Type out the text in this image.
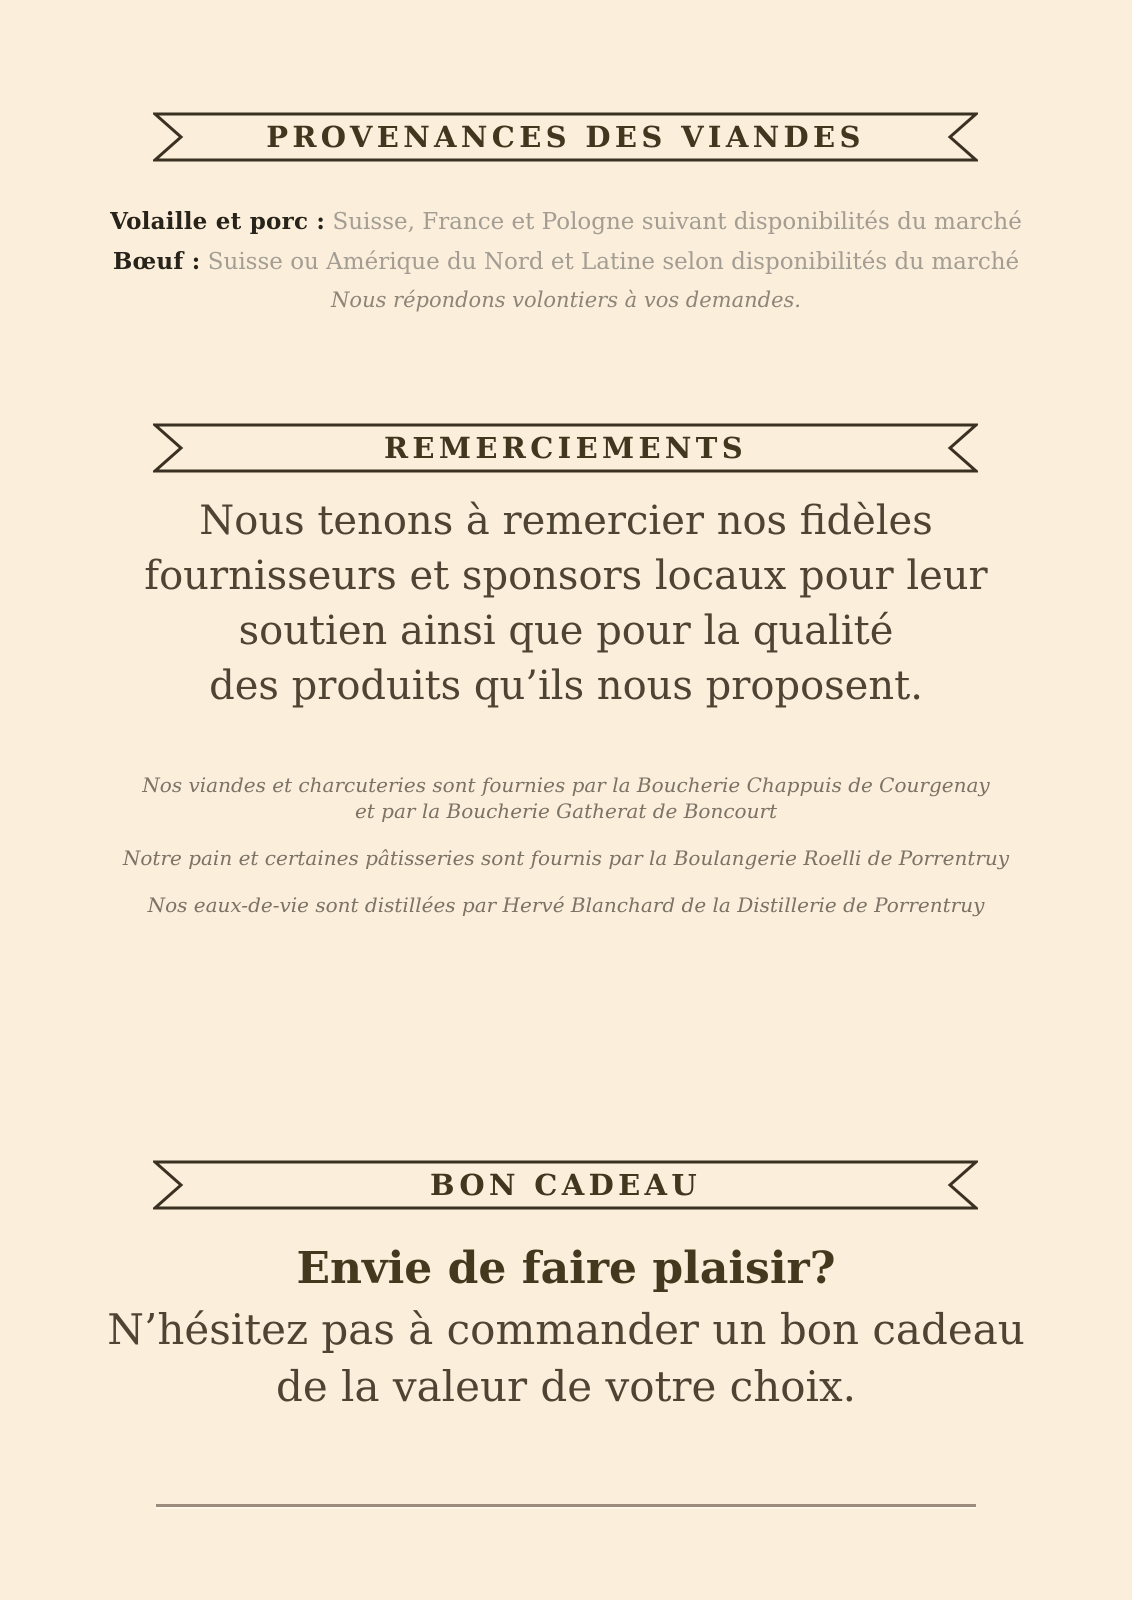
PROVENANCES DES VIANDES
Volaille et porc : Suisse, France et Pologne suivant disponibilités du marché
Bœuf : Suisse ou Amérique du Nord et Latine selon disponibilités du marché
Nous répondons volontiers à vos demandes.
REMERCIEMENTS
Nous tenons à remercier nos fidèles
fournisseurs et sponsors locaux pour leur
soutien ainsi que pour la qualité
des produits qu’ils nous proposent.
Nos viandes et charcuteries sont fournies par la Boucherie Chappuis de Courgenay
et par la Boucherie Gatherat de Boncourt
Notre pain et certaines pâtisseries sont fournis par la Boulangerie Roelli de Porrentruy
Nos eaux-de-vie sont distillées par Hervé Blanchard de la Distillerie de Porrentruy
BON CADEAU
Envie de faire plaisir?
N’hésitez pas à commander un bon cadeau
de la valeur de votre choix.
